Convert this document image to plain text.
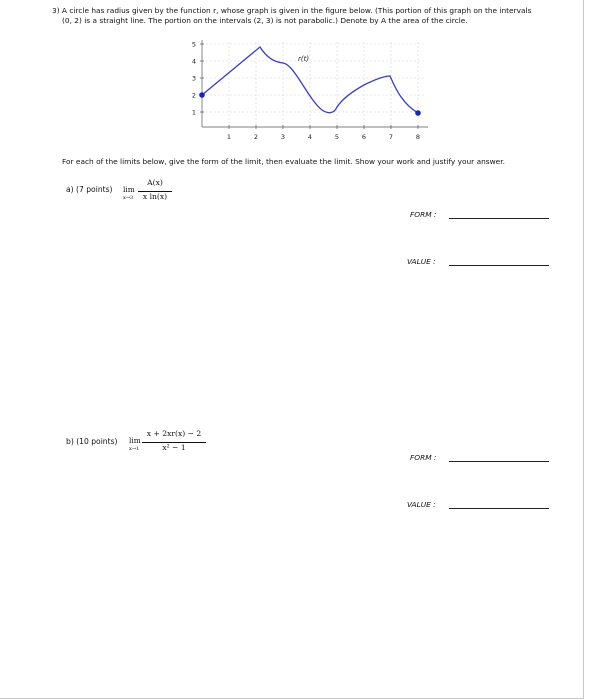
3) A circle has radius given by the function r, whose graph is given in the figure below. (This portion of this graph on the intervals
(0, 2) is a straight line. The portion on the intervals (2, 3) is not parabolic.) Denote by A the area of the circle.
1
2
3
4
5
1	2	3	4	5	6	7	8
r(t)
For each of the limits below, give the form of the limit, then evaluate the limit. Show your work and justify your answer.
a) (7 points) lim
x→3
A(x)
x ln(x)
FORM :
VALUE :
b) (10 points) lim
x→1
x + 2xr(x) − 2
x² − 1
FORM :
VALUE :
